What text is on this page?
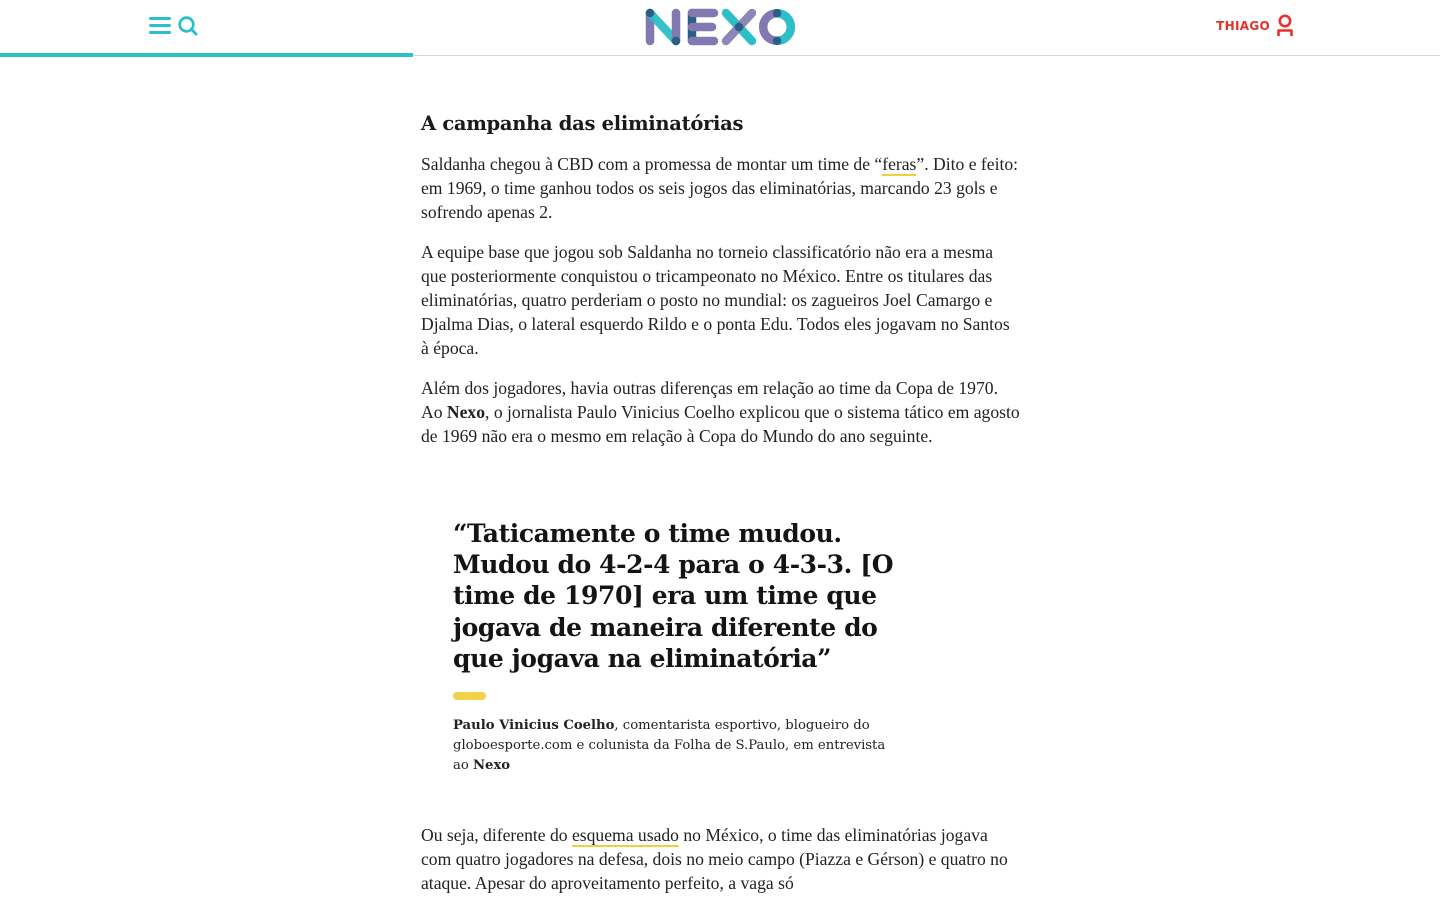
THIAGO
A campanha das eliminatórias

Saldanha chegou à CBD com a promessa de montar um time de “feras”. Dito e feito: em 1969, o time ganhou todos os seis jogos das eliminatórias, marcando 23 gols e sofrendo apenas 2.

A equipe base que jogou sob Saldanha no torneio classificatório não era a mesma que posteriormente conquistou o tricampeonato no México. Entre os titulares das eliminatórias, quatro perderiam o posto no mundial: os zagueiros Joel Camargo e Djalma Dias, o lateral esquerdo Rildo e o ponta Edu. Todos eles jogavam no Santos à época.

Além dos jogadores, havia outras diferenças em relação ao time da Copa de 1970. Ao Nexo, o jornalista Paulo Vinicius Coelho explicou que o sistema tático em agosto de 1969 não era o mesmo em relação à Copa do Mundo do ano seguinte.

“Taticamente o time mudou. Mudou do 4-2-4 para o 4-3-3. [O time de 1970] era um time que jogava de maneira diferente do que jogava na eliminatória”
Paulo Vinicius Coelho, comentarista esportivo, blogueiro do globoesporte.com e colunista da Folha de S.Paulo, em entrevista ao Nexo

Ou seja, diferente do esquema usado no México, o time das eliminatórias jogava com quatro jogadores na defesa, dois no meio campo (Piazza e Gérson) e quatro no ataque. Apesar do aproveitamento perfeito, a vaga só
